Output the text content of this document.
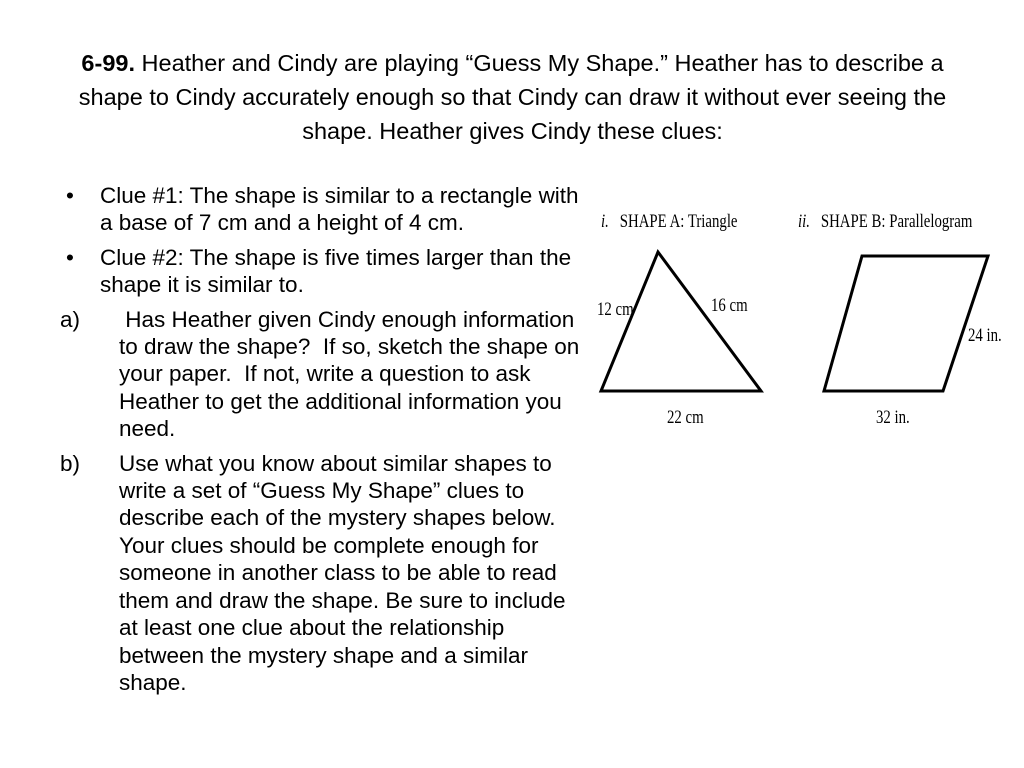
6-99. Heather and Cindy are playing “Guess My Shape.” Heather has to describe a shape to Cindy accurately enough so that Cindy can draw it without ever seeing the shape. Heather gives Cindy these clues:
• Clue #1: The shape is similar to a rectangle with a base of 7 cm and a height of 4 cm.
• Clue #2: The shape is five times larger than the shape it is similar to.
a) Has Heather given Cindy enough information to draw the shape?  If so, sketch the shape on your paper.  If not, write a question to ask Heather to get the additional information you need.
b) Use what you know about similar shapes to write a set of “Guess My Shape” clues to describe each of the mystery shapes below. Your clues should be complete enough for someone in another class to be able to read them and draw the shape. Be sure to include at least one clue about the relationship between the mystery shape and a similar shape.
i. SHAPE A: Triangle	ii. SHAPE B: Parallelogram
12 cm	16 cm
22 cm
24 in.
32 in.
